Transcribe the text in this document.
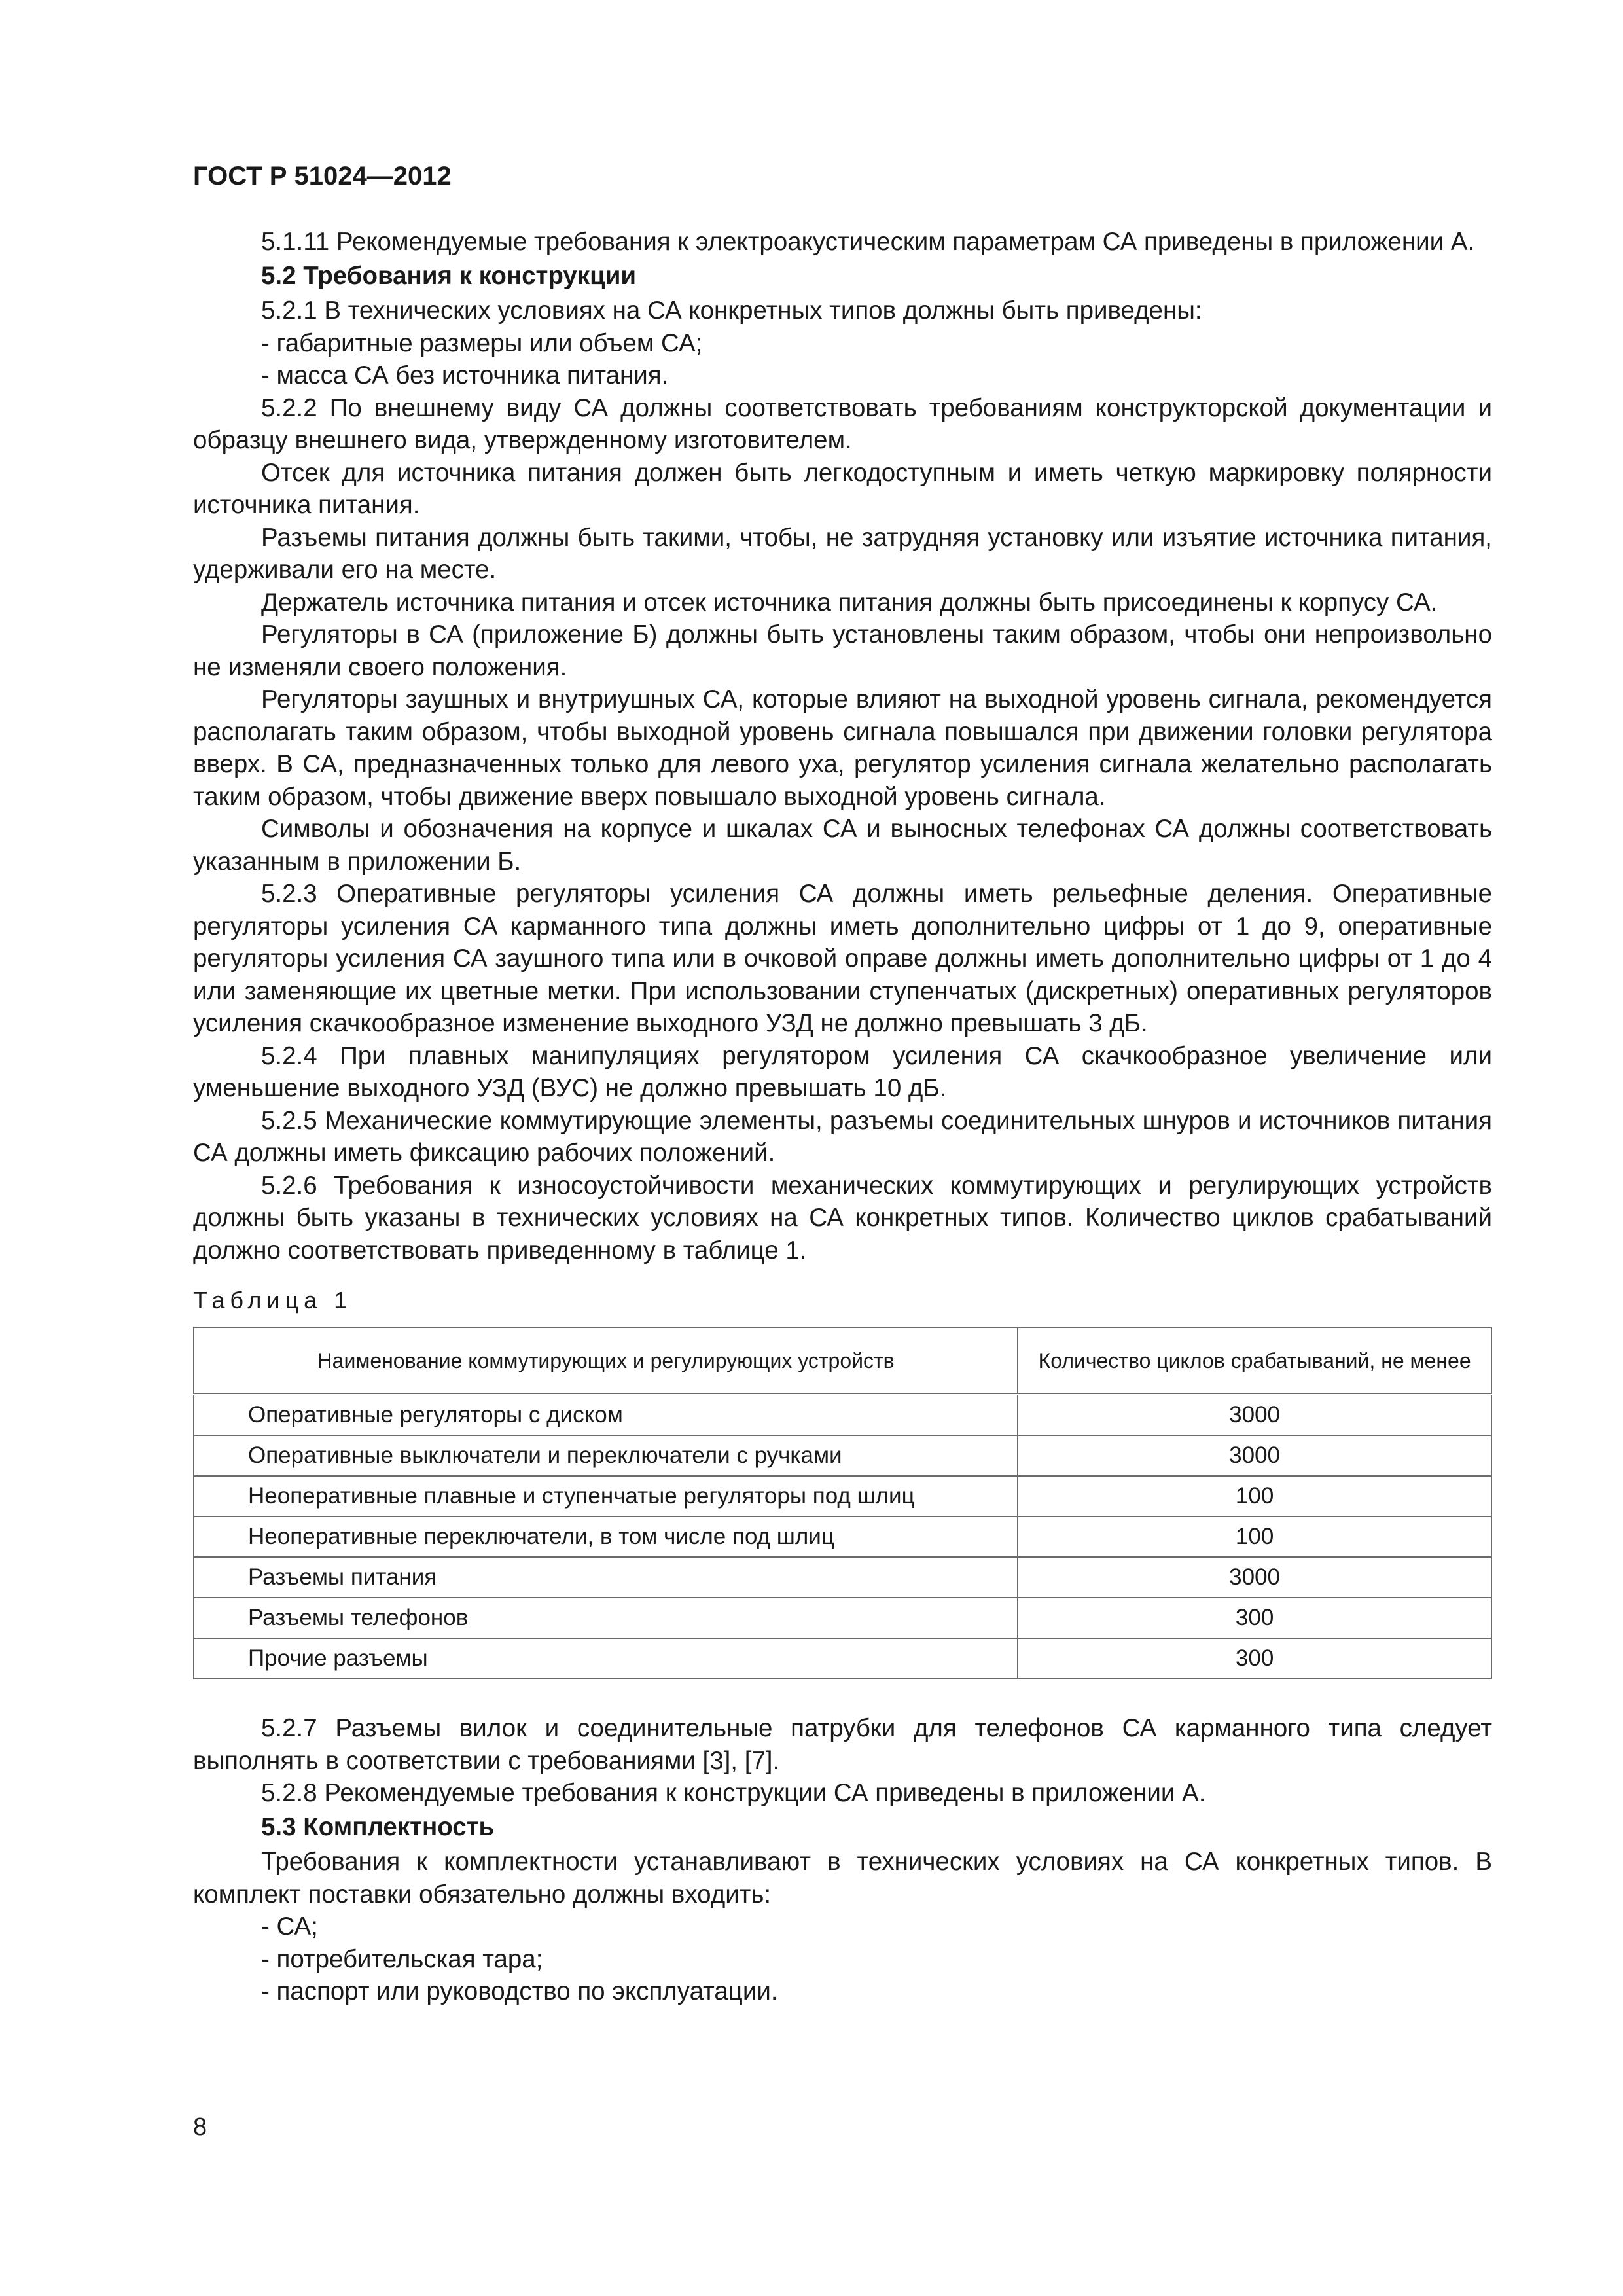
ГОСТ Р 51024—2012

5.1.11 Рекомендуемые требования к электроакустическим параметрам СА приведены в приложении А.

5.2 Требования к конструкции

5.2.1 В технических условиях на СА конкретных типов должны быть приведены:

- габаритные размеры или объем СА;
- масса СА без источника питания.

5.2.2 По внешнему виду СА должны соответствовать требованиям конструкторской документации и образцу внешнего вида, утвержденному изготовителем.

Отсек для источника питания должен быть легкодоступным и иметь четкую маркировку полярности источника питания.

Разъемы питания должны быть такими, чтобы, не затрудняя установку или изъятие источника питания, удерживали его на месте.

Держатель источника питания и отсек источника питания должны быть присоединены к корпусу СА.

Регуляторы в СА (приложение Б) должны быть установлены таким образом, чтобы они непроизвольно не изменяли своего положения.

Регуляторы заушных и внутриушных СА, которые влияют на выходной уровень сигнала, рекомендуется располагать таким образом, чтобы выходной уровень сигнала повышался при движении головки регулятора вверх. В СА, предназначенных только для левого уха, регулятор усиления сигнала желательно располагать таким образом, чтобы движение вверх повышало выходной уровень сигнала.

Символы и обозначения на корпусе и шкалах СА и выносных телефонах СА должны соответствовать указанным в приложении Б.

5.2.3 Оперативные регуляторы усиления СА должны иметь рельефные деления. Оперативные регуляторы усиления СА карманного типа должны иметь дополнительно цифры от 1 до 9, оперативные регуляторы усиления СА заушного типа или в очковой оправе должны иметь дополнительно цифры от 1 до 4 или заменяющие их цветные метки. При использовании ступенчатых (дискретных) оперативных регуляторов усиления скачкообразное изменение выходного УЗД не должно превышать 3 дБ.

5.2.4 При плавных манипуляциях регулятором усиления СА скачкообразное увеличение или уменьшение выходного УЗД (ВУС) не должно превышать 10 дБ.

5.2.5 Механические коммутирующие элементы, разъемы соединительных шнуров и источников питания СА должны иметь фиксацию рабочих положений.

5.2.6 Требования к износоустойчивости механических коммутирующих и регулирующих устройств должны быть указаны в технических условиях на СА конкретных типов. Количество циклов срабатываний должно соответствовать приведенному в таблице 1.

Таблица 1
Наименование коммутирующих и регулирующих устройств	Количество циклов срабатываний, не менее
Оперативные регуляторы с диском	3000
Оперативные выключатели и переключатели с ручками	3000
Неоперативные плавные и ступенчатые регуляторы под шлиц	100
Неоперативные переключатели, в том числе под шлиц	100
Разъемы питания	3000
Разъемы телефонов	300
Прочие разъемы	300

5.2.7 Разъемы вилок и соединительные патрубки для телефонов СА карманного типа следует выполнять в соответствии с требованиями [3], [7].

5.2.8 Рекомендуемые требования к конструкции СА приведены в приложении А.

5.3 Комплектность

Требования к комплектности устанавливают в технических условиях на СА конкретных типов. В комплект поставки обязательно должны входить:

- СА;
- потребительская тара;
- паспорт или руководство по эксплуатации.
8
